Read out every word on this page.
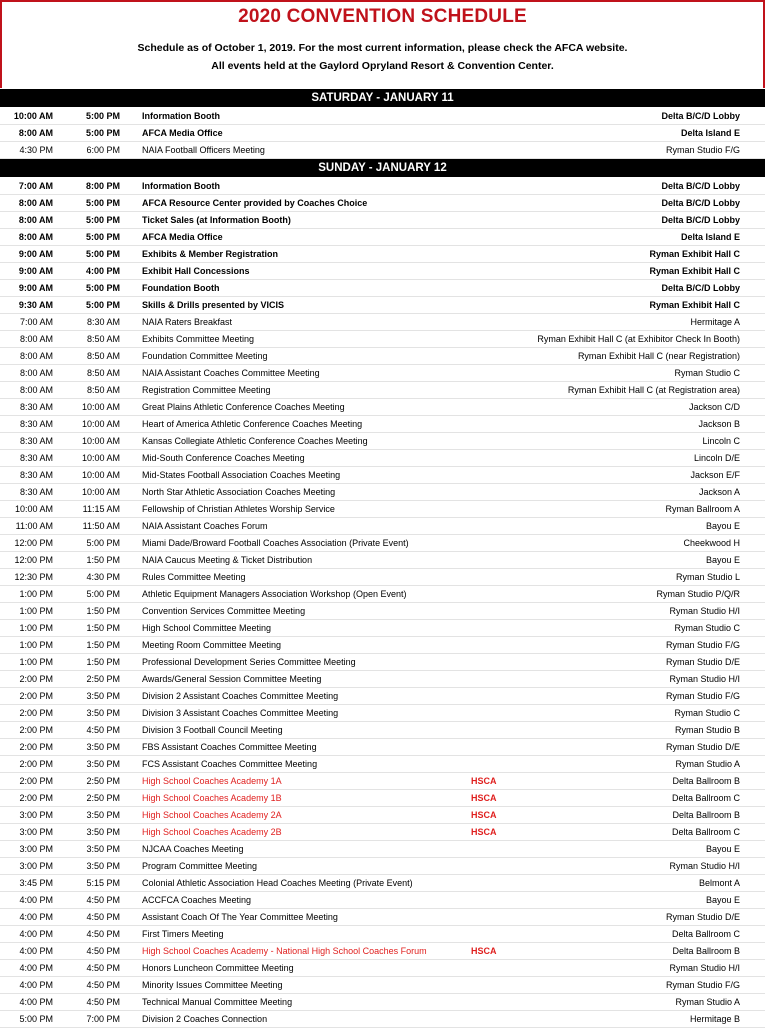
2020 CONVENTION SCHEDULE
Schedule as of October 1, 2019. For the most current information, please check the AFCA website.
All events held at the Gaylord Opryland Resort & Convention Center.
SATURDAY - JANUARY 11
10:00 AM	5:00 PM Information Booth	Delta B/C/D Lobby
8:00 AM	5:00 PM AFCA Media Office	Delta Island E
4:30 PM	6:00 PM NAIA Football Officers Meeting	Ryman Studio F/G
SUNDAY - JANUARY 12
7:00 AM	8:00 PM Information Booth	Delta B/C/D Lobby
8:00 AM	5:00 PM AFCA Resource Center provided by Coaches Choice	Delta B/C/D Lobby
8:00 AM	5:00 PM Ticket Sales (at Information Booth)	Delta B/C/D Lobby
8:00 AM	5:00 PM AFCA Media Office	Delta Island E
9:00 AM	5:00 PM Exhibits & Member Registration	Ryman Exhibit Hall C
9:00 AM	4:00 PM Exhibit Hall Concessions	Ryman Exhibit Hall C
9:00 AM	5:00 PM Foundation Booth	Delta B/C/D Lobby
9:30 AM	5:00 PM Skills & Drills presented by VICIS	Ryman Exhibit Hall C
7:00 AM	8:30 AM NAIA Raters Breakfast	Hermitage A
8:00 AM	8:50 AM Exhibits Committee Meeting	Ryman Exhibit Hall C (at Exhibitor Check In Booth)
8:00 AM	8:50 AM Foundation Committee Meeting	Ryman Exhibit Hall C (near Registration)
8:00 AM	8:50 AM NAIA Assistant Coaches Committee Meeting	Ryman Studio C
8:00 AM	8:50 AM Registration Committee Meeting	Ryman Exhibit Hall C (at Registration area)
8:30 AM	10:00 AM Great Plains Athletic Conference Coaches Meeting	Jackson C/D
8:30 AM	10:00 AM Heart of America Athletic Conference Coaches Meeting	Jackson B
8:30 AM	10:00 AM Kansas Collegiate Athletic Conference Coaches Meeting	Lincoln C
8:30 AM	10:00 AM Mid-South Conference Coaches Meeting	Lincoln D/E
8:30 AM	10:00 AM Mid-States Football Association Coaches Meeting	Jackson E/F
8:30 AM	10:00 AM North Star Athletic Association Coaches Meeting	Jackson A
10:00 AM	11:15 AM Fellowship of Christian Athletes Worship Service	Ryman Ballroom A
11:00 AM	11:50 AM NAIA Assistant Coaches Forum	Bayou E
12:00 PM	5:00 PM Miami Dade/Broward Football Coaches Association (Private Event)	Cheekwood H
12:00 PM	1:50 PM NAIA Caucus Meeting & Ticket Distribution	Bayou E
12:30 PM	4:30 PM Rules Committee Meeting	Ryman Studio L
1:00 PM	5:00 PM Athletic Equipment Managers Association Workshop (Open Event)	Ryman Studio P/Q/R
1:00 PM	1:50 PM Convention Services Committee Meeting	Ryman Studio H/I
1:00 PM	1:50 PM High School Committee Meeting	Ryman Studio C
1:00 PM	1:50 PM Meeting Room Committee Meeting	Ryman Studio F/G
1:00 PM	1:50 PM Professional Development Series Committee Meeting	Ryman Studio D/E
2:00 PM	2:50 PM Awards/General Session Committee Meeting	Ryman Studio H/I
2:00 PM	3:50 PM Division 2 Assistant Coaches Committee Meeting	Ryman Studio F/G
2:00 PM	3:50 PM Division 3 Assistant Coaches Committee Meeting	Ryman Studio C
2:00 PM	4:50 PM Division 3 Football Council Meeting	Ryman Studio B
2:00 PM	3:50 PM FBS Assistant Coaches Committee Meeting	Ryman Studio D/E
2:00 PM	3:50 PM FCS Assistant Coaches Committee Meeting	Ryman Studio A
2:00 PM	2:50 PM High School Coaches Academy 1A	HSCA	Delta Ballroom B
2:00 PM	2:50 PM High School Coaches Academy 1B	HSCA	Delta Ballroom C
3:00 PM	3:50 PM High School Coaches Academy 2A	HSCA	Delta Ballroom B
3:00 PM	3:50 PM High School Coaches Academy 2B	HSCA	Delta Ballroom C
3:00 PM	3:50 PM NJCAA Coaches Meeting	Bayou E
3:00 PM	3:50 PM Program Committee Meeting	Ryman Studio H/I
3:45 PM	5:15 PM Colonial Athletic Association Head Coaches Meeting (Private Event)	Belmont A
4:00 PM	4:50 PM ACCFCA Coaches Meeting	Bayou E
4:00 PM	4:50 PM Assistant Coach Of The Year Committee Meeting	Ryman Studio D/E
4:00 PM	4:50 PM First Timers Meeting	Delta Ballroom C
4:00 PM	4:50 PM High School Coaches Academy - National High School Coaches Forum	HSCA	Delta Ballroom B
4:00 PM	4:50 PM Honors Luncheon Committee Meeting	Ryman Studio H/I
4:00 PM	4:50 PM Minority Issues Committee Meeting	Ryman Studio F/G
4:00 PM	4:50 PM Technical Manual Committee Meeting	Ryman Studio A
5:00 PM	7:00 PM Division 2 Coaches Connection	Hermitage B
